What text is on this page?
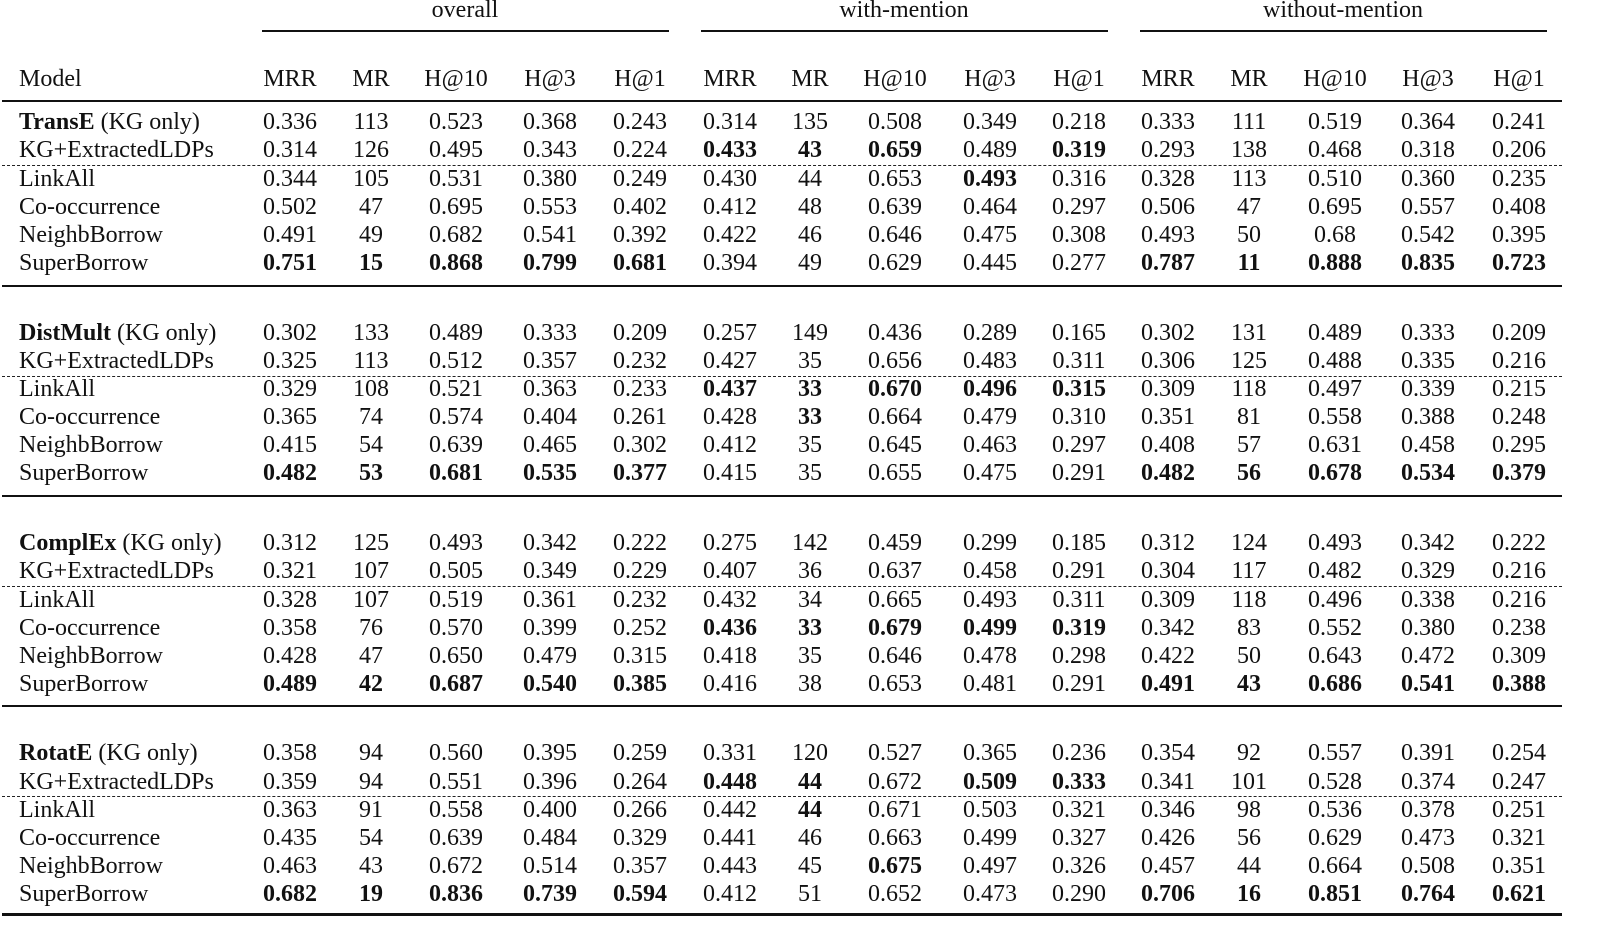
overall	with-mention	without-mention
Model	MRR MR H@10 H@3 H@1 MRR MR H@10 H@3 H@1 MRR MR H@10 H@3 H@1
TransE (KG only)	0.336 113 0.523 0.368 0.243 0.314 135 0.508 0.349 0.218 0.333 111 0.519 0.364 0.241
KG+ExtractedLDPs 0.314 126 0.495 0.343 0.224 0.433 43 0.659 0.489 0.319 0.293 138 0.468 0.318 0.206
LinkAll	0.344 105 0.531 0.380 0.249 0.430 44 0.653 0.493 0.316 0.328 113 0.510 0.360 0.235
Co-occurrence	0.502 47 0.695 0.553 0.402 0.412 48 0.639 0.464 0.297 0.506 47 0.695 0.557 0.408
NeighbBorrow	0.491 49 0.682 0.541 0.392 0.422 46 0.646 0.475 0.308 0.493 50 0.68 0.542 0.395
SuperBorrow	0.751 15 0.868 0.799 0.681 0.394 49 0.629 0.445 0.277 0.787 11 0.888 0.835 0.723
DistMult (KG only) 0.302 133 0.489 0.333 0.209 0.257 149 0.436 0.289 0.165 0.302 131 0.489 0.333 0.209
KG+ExtractedLDPs 0.325 113 0.512 0.357 0.232 0.427 35 0.656 0.483 0.311 0.306 125 0.488 0.335 0.216
LinkAll	0.329 108 0.521 0.363 0.233 0.437 33 0.670 0.496 0.315 0.309 118 0.497 0.339 0.215
Co-occurrence	0.365 74 0.574 0.404 0.261 0.428 33 0.664 0.479 0.310 0.351 81 0.558 0.388 0.248
NeighbBorrow	0.415 54 0.639 0.465 0.302 0.412 35 0.645 0.463 0.297 0.408 57 0.631 0.458 0.295
SuperBorrow	0.482 53 0.681 0.535 0.377 0.415 35 0.655 0.475 0.291 0.482 56 0.678 0.534 0.379
ComplEx (KG only) 0.312 125 0.493 0.342 0.222 0.275 142 0.459 0.299 0.185 0.312 124 0.493 0.342 0.222
KG+ExtractedLDPs 0.321 107 0.505 0.349 0.229 0.407 36 0.637 0.458 0.291 0.304 117 0.482 0.329 0.216
LinkAll	0.328 107 0.519 0.361 0.232 0.432 34 0.665 0.493 0.311 0.309 118 0.496 0.338 0.216
Co-occurrence	0.358 76 0.570 0.399 0.252 0.436 33 0.679 0.499 0.319 0.342 83 0.552 0.380 0.238
NeighbBorrow	0.428 47 0.650 0.479 0.315 0.418 35 0.646 0.478 0.298 0.422 50 0.643 0.472 0.309
SuperBorrow	0.489 42 0.687 0.540 0.385 0.416 38 0.653 0.481 0.291 0.491 43 0.686 0.541 0.388
RotatE (KG only)	0.358 94 0.560 0.395 0.259 0.331 120 0.527 0.365 0.236 0.354 92 0.557 0.391 0.254
KG+ExtractedLDPs 0.359 94 0.551 0.396 0.264 0.448 44 0.672 0.509 0.333 0.341 101 0.528 0.374 0.247
LinkAll	0.363 91 0.558 0.400 0.266 0.442 44 0.671 0.503 0.321 0.346 98 0.536 0.378 0.251
Co-occurrence	0.435 54 0.639 0.484 0.329 0.441 46 0.663 0.499 0.327 0.426 56 0.629 0.473 0.321
NeighbBorrow	0.463 43 0.672 0.514 0.357 0.443 45 0.675 0.497 0.326 0.457 44 0.664 0.508 0.351
SuperBorrow	0.682 19 0.836 0.739 0.594 0.412 51 0.652 0.473 0.290 0.706 16 0.851 0.764 0.621
